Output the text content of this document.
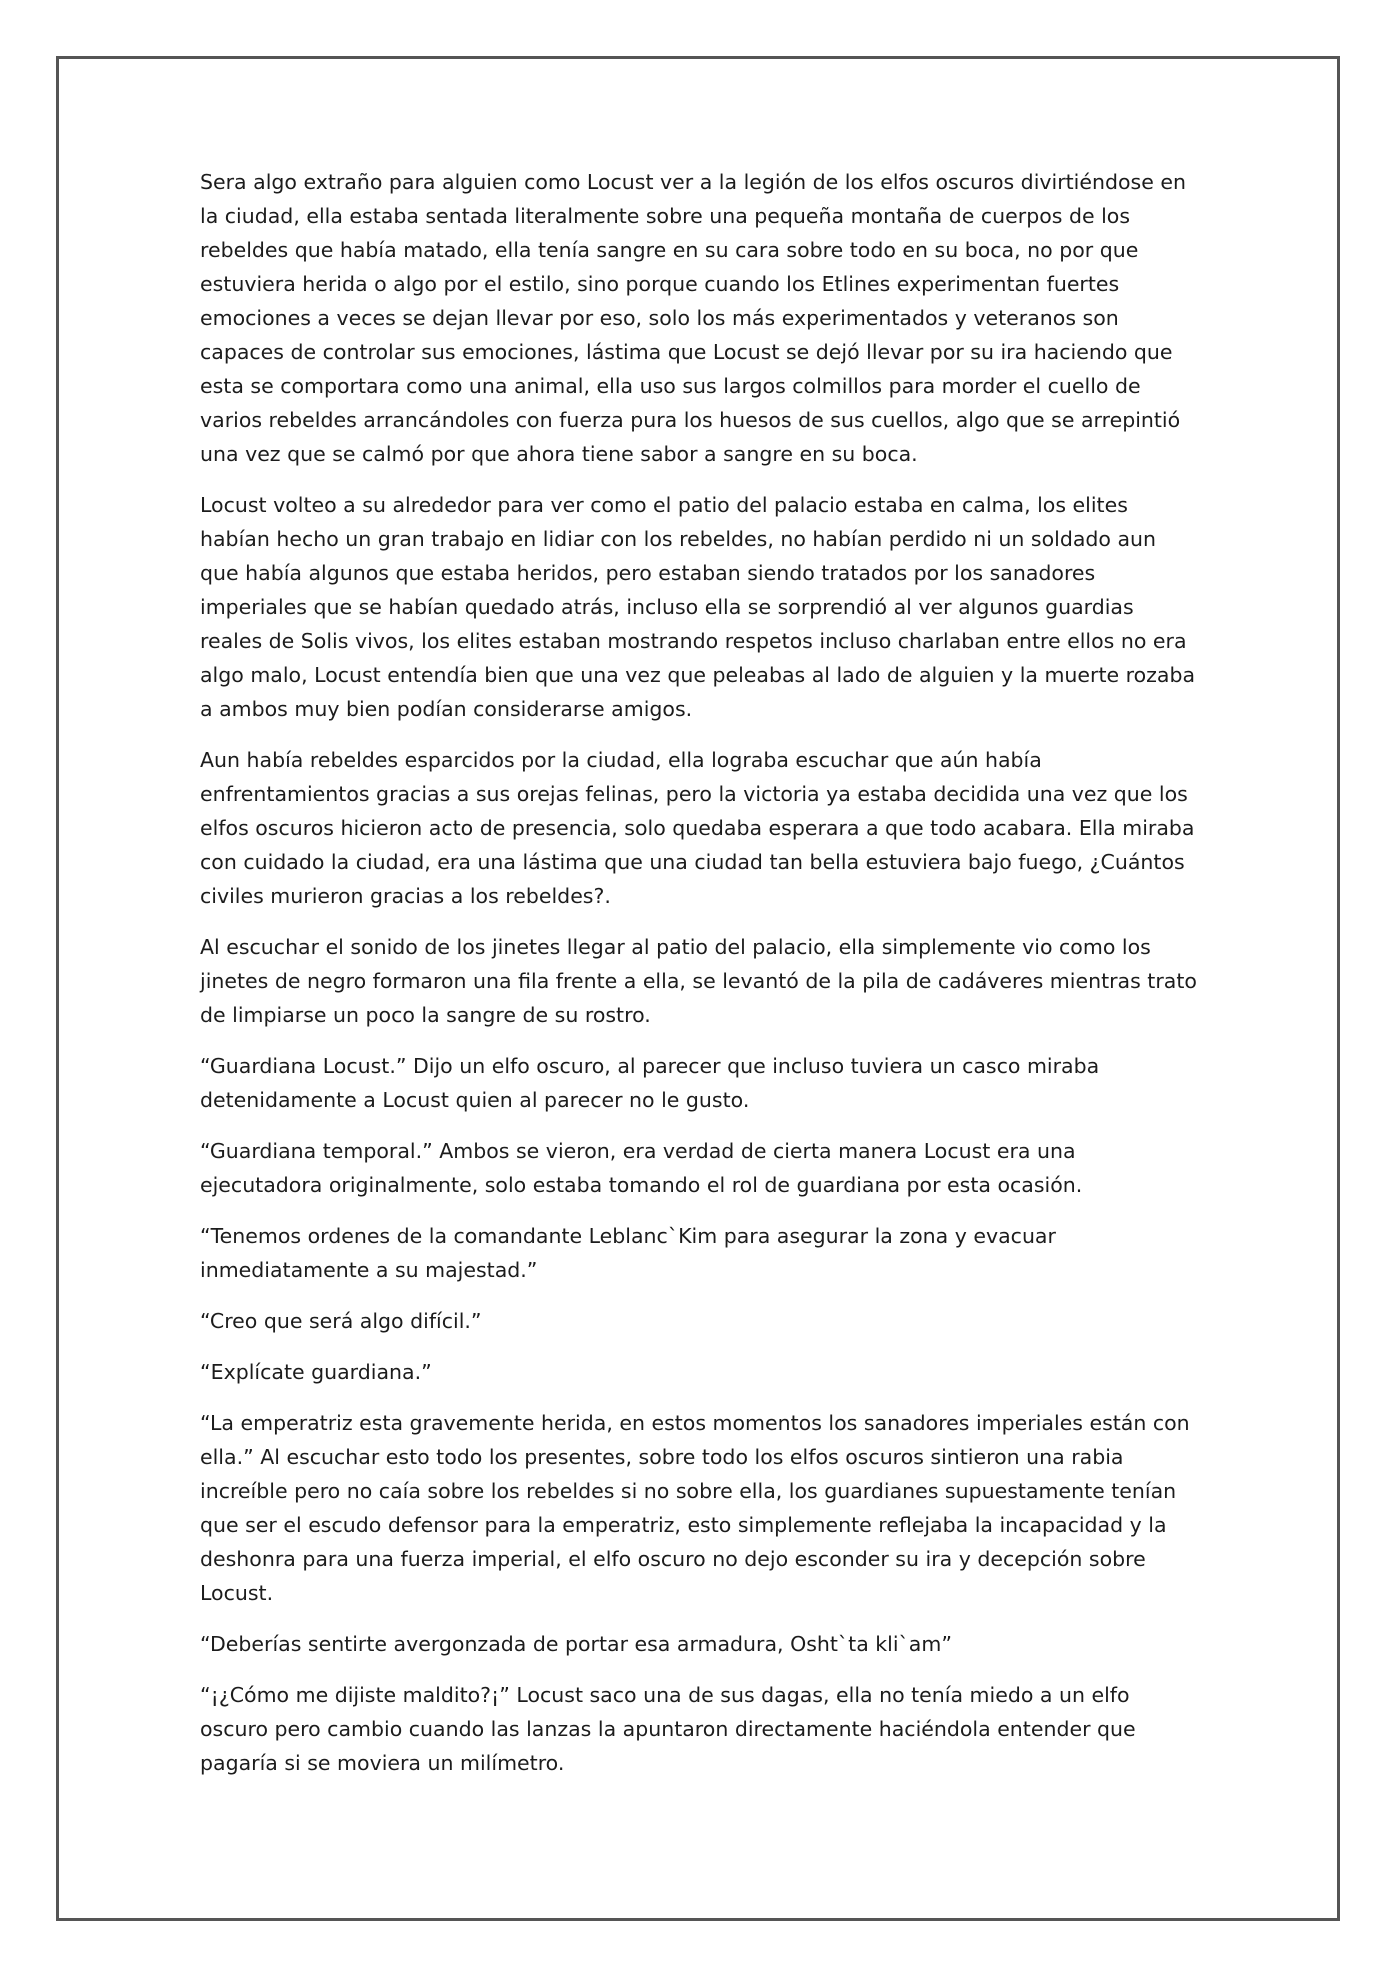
Sera algo extraño para alguien como Locust ver a la legión de los elfos oscuros divirtiéndose en la ciudad, ella estaba sentada literalmente sobre una pequeña montaña de cuerpos de los rebeldes que había matado, ella tenía sangre en su cara sobre todo en su boca, no por que estuviera herida o algo por el estilo, sino porque cuando los Etlines experimentan fuertes emociones a veces se dejan llevar por eso, solo los más experimentados y veteranos son capaces de controlar sus emociones, lástima que Locust se dejó llevar por su ira haciendo que esta se comportara como una animal, ella uso sus largos colmillos para morder el cuello de varios rebeldes arrancándoles con fuerza pura los huesos de sus cuellos, algo que se arrepintió una vez que se calmó por que ahora tiene sabor a sangre en su boca.

Locust volteo a su alrededor para ver como el patio del palacio estaba en calma, los elites habían hecho un gran trabajo en lidiar con los rebeldes, no habían perdido ni un soldado aun que había algunos que estaba heridos, pero estaban siendo tratados por los sanadores imperiales que se habían quedado atrás, incluso ella se sorprendió al ver algunos guardias reales de Solis vivos, los elites estaban mostrando respetos incluso charlaban entre ellos no era algo malo, Locust entendía bien que una vez que peleabas al lado de alguien y la muerte rozaba a ambos muy bien podían considerarse amigos.

Aun había rebeldes esparcidos por la ciudad, ella lograba escuchar que aún había enfrentamientos gracias a sus orejas felinas, pero la victoria ya estaba decidida una vez que los elfos oscuros hicieron acto de presencia, solo quedaba esperara a que todo acabara. Ella miraba con cuidado la ciudad, era una lástima que una ciudad tan bella estuviera bajo fuego, ¿Cuántos civiles murieron gracias a los rebeldes?.

Al escuchar el sonido de los jinetes llegar al patio del palacio, ella simplemente vio como los jinetes de negro formaron una fila frente a ella, se levantó de la pila de cadáveres mientras trato de limpiarse un poco la sangre de su rostro.

“Guardiana Locust.” Dijo un elfo oscuro, al parecer que incluso tuviera un casco miraba detenidamente a Locust quien al parecer no le gusto.

“Guardiana temporal.” Ambos se vieron, era verdad de cierta manera Locust era una ejecutadora originalmente, solo estaba tomando el rol de guardiana por esta ocasión.

“Tenemos ordenes de la comandante Leblanc`Kim para asegurar la zona y evacuar inmediatamente a su majestad.”

“Creo que será algo difícil.”

“Explícate guardiana.”

“La emperatriz esta gravemente herida, en estos momentos los sanadores imperiales están con ella.” Al escuchar esto todo los presentes, sobre todo los elfos oscuros sintieron una rabia increíble pero no caía sobre los rebeldes si no sobre ella, los guardianes supuestamente tenían que ser el escudo defensor para la emperatriz, esto simplemente reflejaba la incapacidad y la deshonra para una fuerza imperial, el elfo oscuro no dejo esconder su ira y decepción sobre Locust.

“Deberías sentirte avergonzada de portar esa armadura, Osht`ta kli`am”

“¡¿Cómo me dijiste maldito?¡” Locust saco una de sus dagas, ella no tenía miedo a un elfo oscuro pero cambio cuando las lanzas la apuntaron directamente haciéndola entender que pagaría si se moviera un milímetro.
